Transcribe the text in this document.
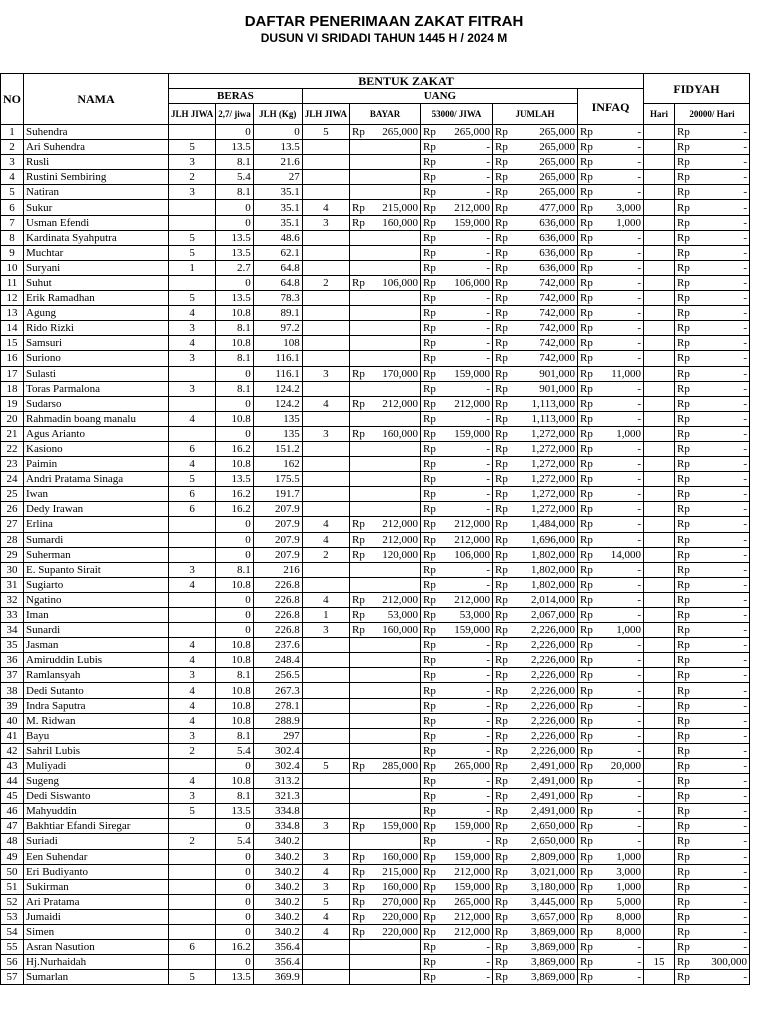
DAFTAR PENERIMAAN ZAKAT FITRAH
DUSUN VI SRIDADI TAHUN 1445 H / 2024 M
NO	NAMA	BENTUK ZAKAT								FIDYAH	
		BERAS			UANG				INFAQ		
		JLH JIWA	2,7/ jiwa	JLH (Kg)	JLH JIWA	BAYAR	53000/ JIWA	JUMLAH		Hari	20000/ Hari
1	Suhendra		0	0	5	Rp 265,000	Rp 265,000	Rp 265,000	Rp -		Rp -

2	Ari Suhendra	5	13.5	13.5			Rp -	Rp 265,000	Rp -		Rp -

3	Rusli	3	8.1	21.6			Rp -	Rp 265,000	Rp -		Rp -

4	Rustini Sembiring	2	5.4	27			Rp -	Rp 265,000	Rp -		Rp -

5	Natiran	3	8.1	35.1			Rp -	Rp 265,000	Rp -		Rp -

6	Sukur		0	35.1	4	Rp 215,000	Rp 212,000	Rp 477,000	Rp 3,000		Rp -

7	Usman Efendi		0	35.1	3	Rp 160,000	Rp 159,000	Rp 636,000	Rp 1,000		Rp -

8	Kardinata Syahputra	5	13.5	48.6			Rp -	Rp 636,000	Rp -		Rp -

9	Muchtar	5	13.5	62.1			Rp -	Rp 636,000	Rp -		Rp -

10	Suryani	1	2.7	64.8			Rp -	Rp 636,000	Rp -		Rp -

11	Suhut		0	64.8	2	Rp 106,000	Rp 106,000	Rp 742,000	Rp -		Rp -

12	Erik Ramadhan	5	13.5	78.3			Rp -	Rp 742,000	Rp -		Rp -

13	Agung	4	10.8	89.1			Rp -	Rp 742,000	Rp -		Rp -

14	Rido Rizki	3	8.1	97.2			Rp -	Rp 742,000	Rp -		Rp -

15	Samsuri	4	10.8	108			Rp -	Rp 742,000	Rp -		Rp -

16	Suriono	3	8.1	116.1			Rp -	Rp 742,000	Rp -		Rp -

17	Sulasti		0	116.1	3	Rp 170,000	Rp 159,000	Rp 901,000	Rp 11,000		Rp -

18	Toras Parmalona	3	8.1	124.2			Rp -	Rp 901,000	Rp -		Rp -

19	Sudarso		0	124.2	4	Rp 212,000	Rp 212,000	Rp 1,113,000	Rp -		Rp -

20	Rahmadin boang manalu	4	10.8	135			Rp -	Rp 1,113,000	Rp -		Rp -

21	Agus Arianto		0	135	3	Rp 160,000	Rp 159,000	Rp 1,272,000	Rp 1,000		Rp -

22	Kasiono	6	16.2	151.2			Rp -	Rp 1,272,000	Rp -		Rp -

23	Paimin	4	10.8	162			Rp -	Rp 1,272,000	Rp -		Rp -

24	Andri Pratama Sinaga	5	13.5	175.5			Rp -	Rp 1,272,000	Rp -		Rp -

25	Iwan	6	16.2	191.7			Rp -	Rp 1,272,000	Rp -		Rp -

26	Dedy Irawan	6	16.2	207.9			Rp -	Rp 1,272,000	Rp -		Rp -

27	Erlina		0	207.9	4	Rp 212,000	Rp 212,000	Rp 1,484,000	Rp -		Rp -

28	Sumardi		0	207.9	4	Rp 212,000	Rp 212,000	Rp 1,696,000	Rp -		Rp -

29	Suherman		0	207.9	2	Rp 120,000	Rp 106,000	Rp 1,802,000	Rp 14,000		Rp -

30	E. Supanto Sirait	3	8.1	216			Rp -	Rp 1,802,000	Rp -		Rp -

31	Sugiarto	4	10.8	226.8			Rp -	Rp 1,802,000	Rp -		Rp -

32	Ngatino		0	226.8	4	Rp 212,000	Rp 212,000	Rp 2,014,000	Rp -		Rp -

33	Iman		0	226.8	1	Rp 53,000	Rp 53,000	Rp 2,067,000	Rp -		Rp -

34	Sunardi		0	226.8	3	Rp 160,000	Rp 159,000	Rp 2,226,000	Rp 1,000		Rp -

35	Jasman	4	10.8	237.6			Rp -	Rp 2,226,000	Rp -		Rp -

36	Amiruddin Lubis	4	10.8	248.4			Rp -	Rp 2,226,000	Rp -		Rp -

37	Ramlansyah	3	8.1	256.5			Rp -	Rp 2,226,000	Rp -		Rp -

38	Dedi Sutanto	4	10.8	267.3			Rp -	Rp 2,226,000	Rp -		Rp -

39	Indra Saputra	4	10.8	278.1			Rp -	Rp 2,226,000	Rp -		Rp -

40	M. Ridwan	4	10.8	288.9			Rp -	Rp 2,226,000	Rp -		Rp -

41	Bayu	3	8.1	297			Rp -	Rp 2,226,000	Rp -		Rp -

42	Sahril Lubis	2	5.4	302.4			Rp -	Rp 2,226,000	Rp -		Rp -

43	Muliyadi		0	302.4	5	Rp 285,000	Rp 265,000	Rp 2,491,000	Rp 20,000		Rp -

44	Sugeng	4	10.8	313.2			Rp -	Rp 2,491,000	Rp -		Rp -

45	Dedi Siswanto	3	8.1	321.3			Rp -	Rp 2,491,000	Rp -		Rp -

46	Mahyuddin	5	13.5	334.8			Rp -	Rp 2,491,000	Rp -		Rp -

47	Bakhtiar Efandi Siregar		0	334.8	3	Rp 159,000	Rp 159,000	Rp 2,650,000	Rp -		Rp -

48	Suriadi	2	5.4	340.2			Rp -	Rp 2,650,000	Rp -		Rp -

49	Een Suhendar		0	340.2	3	Rp 160,000	Rp 159,000	Rp 2,809,000	Rp 1,000		Rp -

50	Eri Budiyanto		0	340.2	4	Rp 215,000	Rp 212,000	Rp 3,021,000	Rp 3,000		Rp -

51	Sukirman		0	340.2	3	Rp 160,000	Rp 159,000	Rp 3,180,000	Rp 1,000		Rp -

52	Ari Pratama		0	340.2	5	Rp 270,000	Rp 265,000	Rp 3,445,000	Rp 5,000		Rp -

53	Jumaidi		0	340.2	4	Rp 220,000	Rp 212,000	Rp 3,657,000	Rp 8,000		Rp -

54	Simen		0	340.2	4	Rp 220,000	Rp 212,000	Rp 3,869,000	Rp 8,000		Rp -

55	Asran Nasution	6	16.2	356.4			Rp -	Rp 3,869,000	Rp -		Rp -

56	Hj.Nurhaidah		0	356.4			Rp -	Rp 3,869,000	Rp -	15	Rp 300,000

57	Sumarlan	5	13.5	369.9			Rp -	Rp 3,869,000	Rp -		Rp -
